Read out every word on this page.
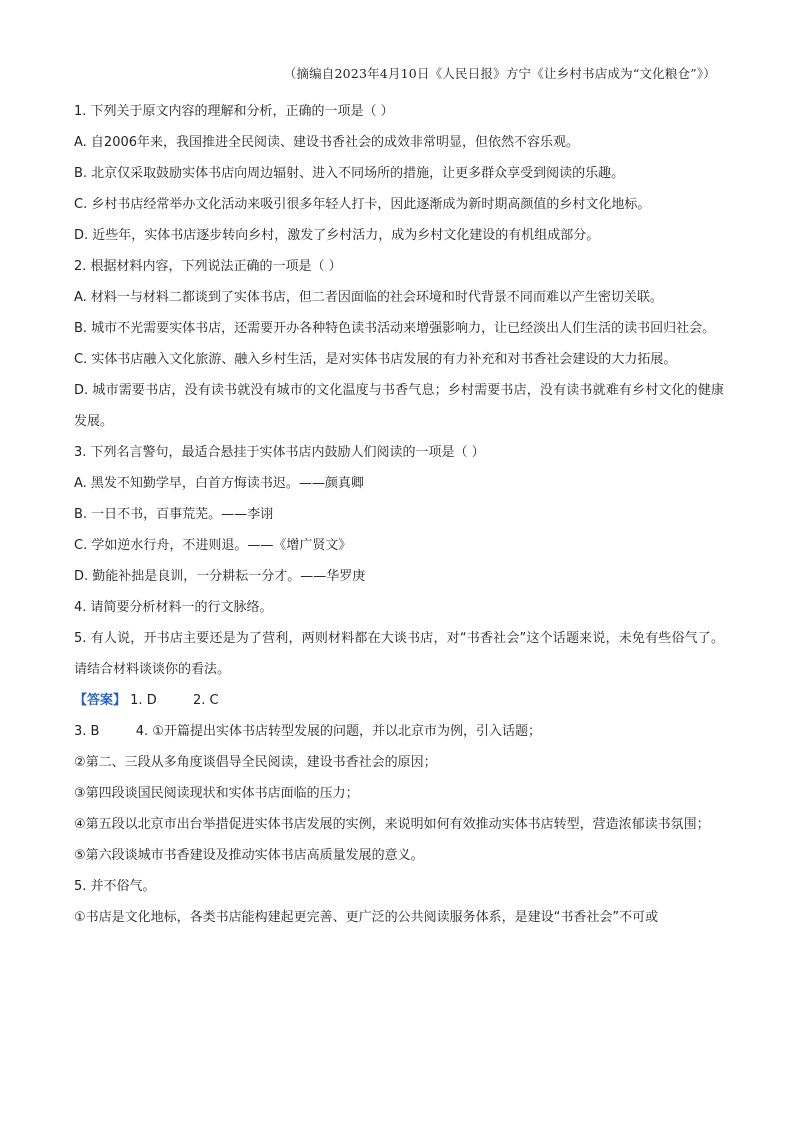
（摘编自2023年4月10日《人民日报》方宁《让乡村书店成为“文化粮仓”》）

1. 下列关于原文内容的理解和分析，正确的一项是（ ）

A. 自2006年来，我国推进全民阅读、建设书香社会的成效非常明显，但依然不容乐观。

B. 北京仅采取鼓励实体书店向周边辐射、进入不同场所的措施，让更多群众享受到阅读的乐趣。

C. 乡村书店经常举办文化活动来吸引很多年轻人打卡，因此逐渐成为新时期高颜值的乡村文化地标。

D. 近些年，实体书店逐步转向乡村，激发了乡村活力，成为乡村文化建设的有机组成部分。

2. 根据材料内容，下列说法正确的一项是（ ）

A. 材料一与材料二都谈到了实体书店，但二者因面临的社会环境和时代背景不同而难以产生密切关联。

B. 城市不光需要实体书店，还需要开办各种特色读书活动来增强影响力，让已经淡出人们生活的读书回归社会。

C. 实体书店融入文化旅游、融入乡村生活，是对实体书店发展的有力补充和对书香社会建设的大力拓展。

D. 城市需要书店，没有读书就没有城市的文化温度与书香气息；乡村需要书店，没有读书就难有乡村文化的健康发展。

3. 下列名言警句，最适合悬挂于实体书店内鼓励人们阅读的一项是（ ）

A. 黑发不知勤学早，白首方悔读书迟。——颜真卿

B. 一日不书，百事荒芜。——李诩

C. 学如逆水行舟，不进则退。——《增广贤文》

D. 勤能补拙是良训，一分耕耘一分才。——华罗庚

4. 请简要分析材料一的行文脉络。

5. 有人说，开书店主要还是为了营利，两则材料都在大谈书店，对“书香社会”这个话题来说，未免有些俗气了。请结合材料谈谈你的看法。

【答案】 1. D	2. C

3. B	4. ①开篇提出实体书店转型发展的问题，并以北京市为例，引入话题；

②第二、三段从多角度谈倡导全民阅读，建设书香社会的原因；

③第四段谈国民阅读现状和实体书店面临的压力；

④第五段以北京市出台举措促进实体书店发展的实例，来说明如何有效推动实体书店转型，营造浓郁读书氛围；

⑤第六段谈城市书香建设及推动实体书店高质量发展的意义。

5. 并不俗气。

①书店是文化地标，各类书店能构建起更完善、更广泛的公共阅读服务体系，是建设“书香社会”不可或
